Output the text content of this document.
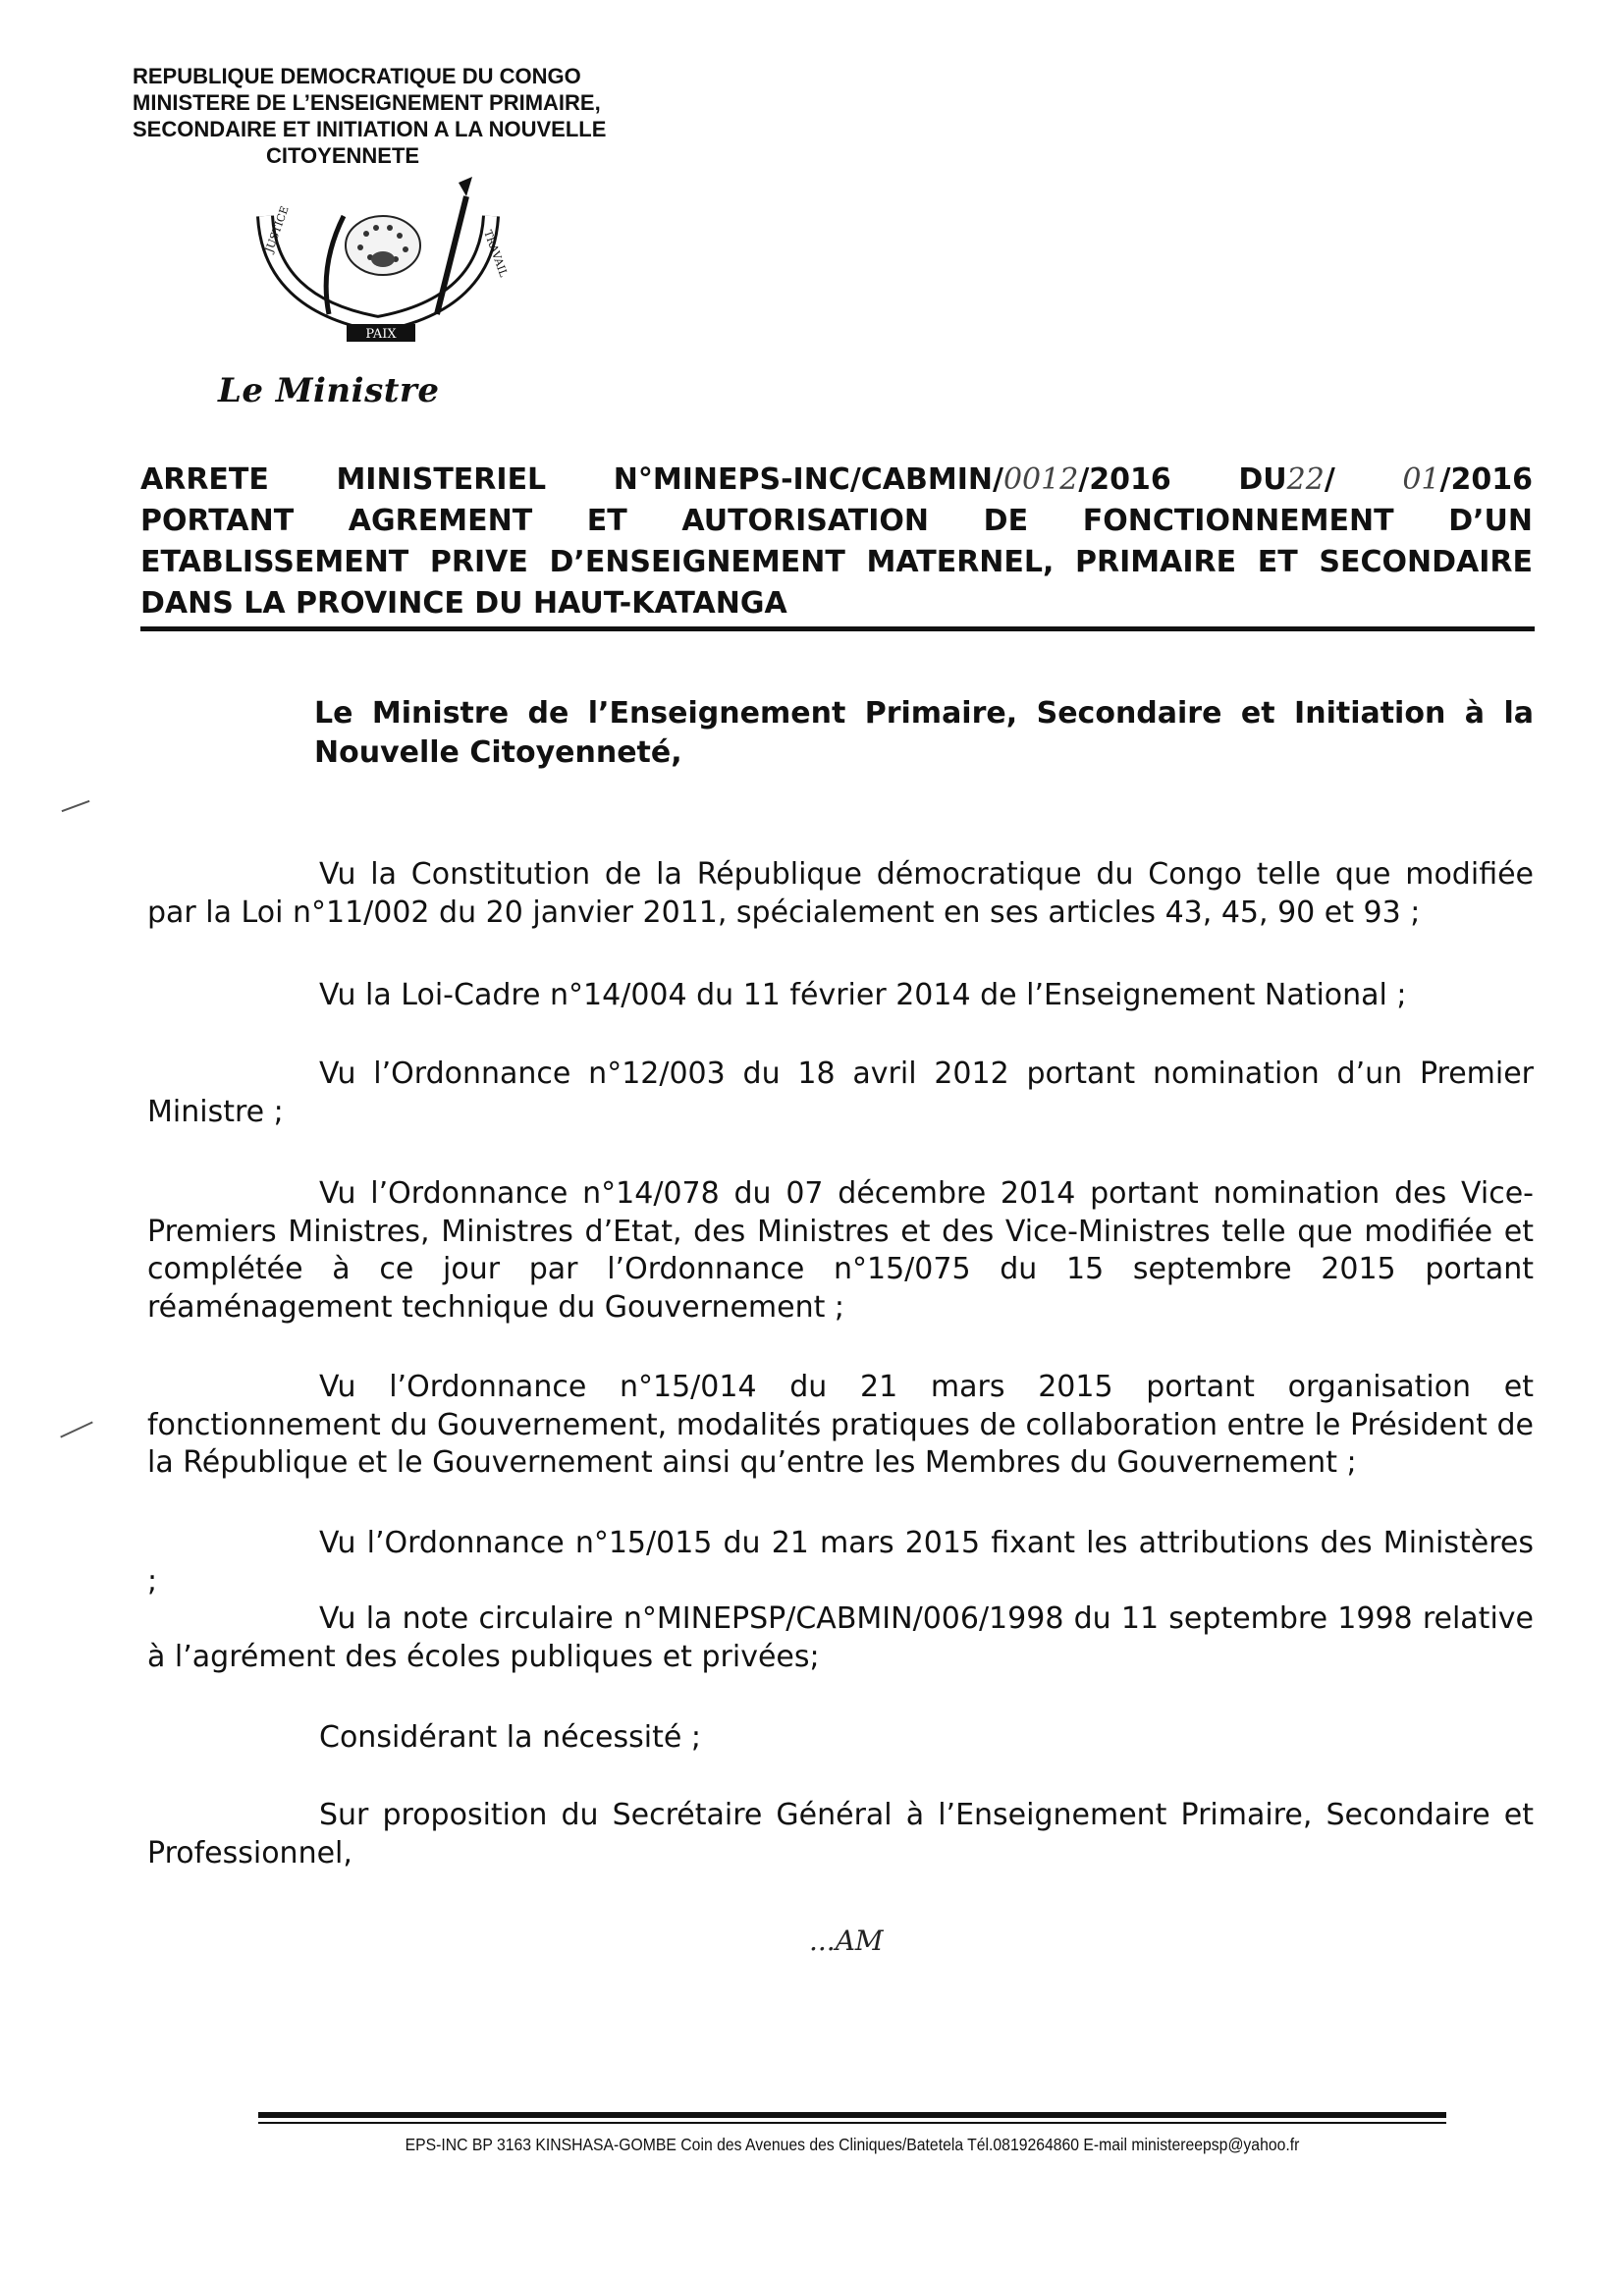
REPUBLIQUE DEMOCRATIQUE DU CONGO
MINISTERE DE L’ENSEIGNEMENT PRIMAIRE,
SECONDAIRE ET INITIATION A LA NOUVELLE
CITOYENNETE
PAIX
JUSTICE	TRAVAIL
Le Ministre
ARRETE MINISTERIEL N°MINEPS-INC/CABMIN/0012/2016 DU22/ 01/2016
PORTANT AGREMENT ET AUTORISATION DE FONCTIONNEMENT D’UN
ETABLISSEMENT PRIVE D’ENSEIGNEMENT MATERNEL, PRIMAIRE ET SECONDAIRE
DANS LA PROVINCE DU HAUT-KATANGA
Le Ministre de l’Enseignement Primaire, Secondaire et Initiation à la Nouvelle Citoyenneté,
Vu la Constitution de la République démocratique du Congo telle que modifiée par la Loi n°11/002 du 20 janvier 2011, spécialement en ses articles 43, 45, 90 et 93 ;
Vu la Loi-Cadre n°14/004 du 11 février 2014 de l’Enseignement National ;
Vu l’Ordonnance n°12/003 du 18 avril 2012 portant nomination d’un Premier Ministre ;
Vu l’Ordonnance n°14/078 du 07 décembre 2014 portant nomination des Vice-Premiers Ministres, Ministres d’Etat, des Ministres et des Vice-Ministres telle que modifiée et complétée à ce jour par l’Ordonnance n°15/075 du 15 septembre 2015 portant réaménagement technique du Gouvernement ;
Vu l’Ordonnance n°15/014 du 21 mars 2015 portant organisation et fonctionnement du Gouvernement, modalités pratiques de collaboration entre le Président de la République et le Gouvernement ainsi qu’entre les Membres du Gouvernement ;
Vu l’Ordonnance n°15/015 du 21 mars 2015 fixant les attributions des Ministères ;
Vu la note circulaire n°MINEPSP/CABMIN/006/1998 du 11 septembre 1998 relative à l’agrément des écoles publiques et privées;
Considérant la nécessité ;
Sur proposition du Secrétaire Général à l’Enseignement Primaire, Secondaire et Professionnel,
...AM
EPS-INC BP 3163 KINSHASA-GOMBE Coin des Avenues des Cliniques/Batetela Tél.0819264860 E-mail ministereepsp@yahoo.fr
